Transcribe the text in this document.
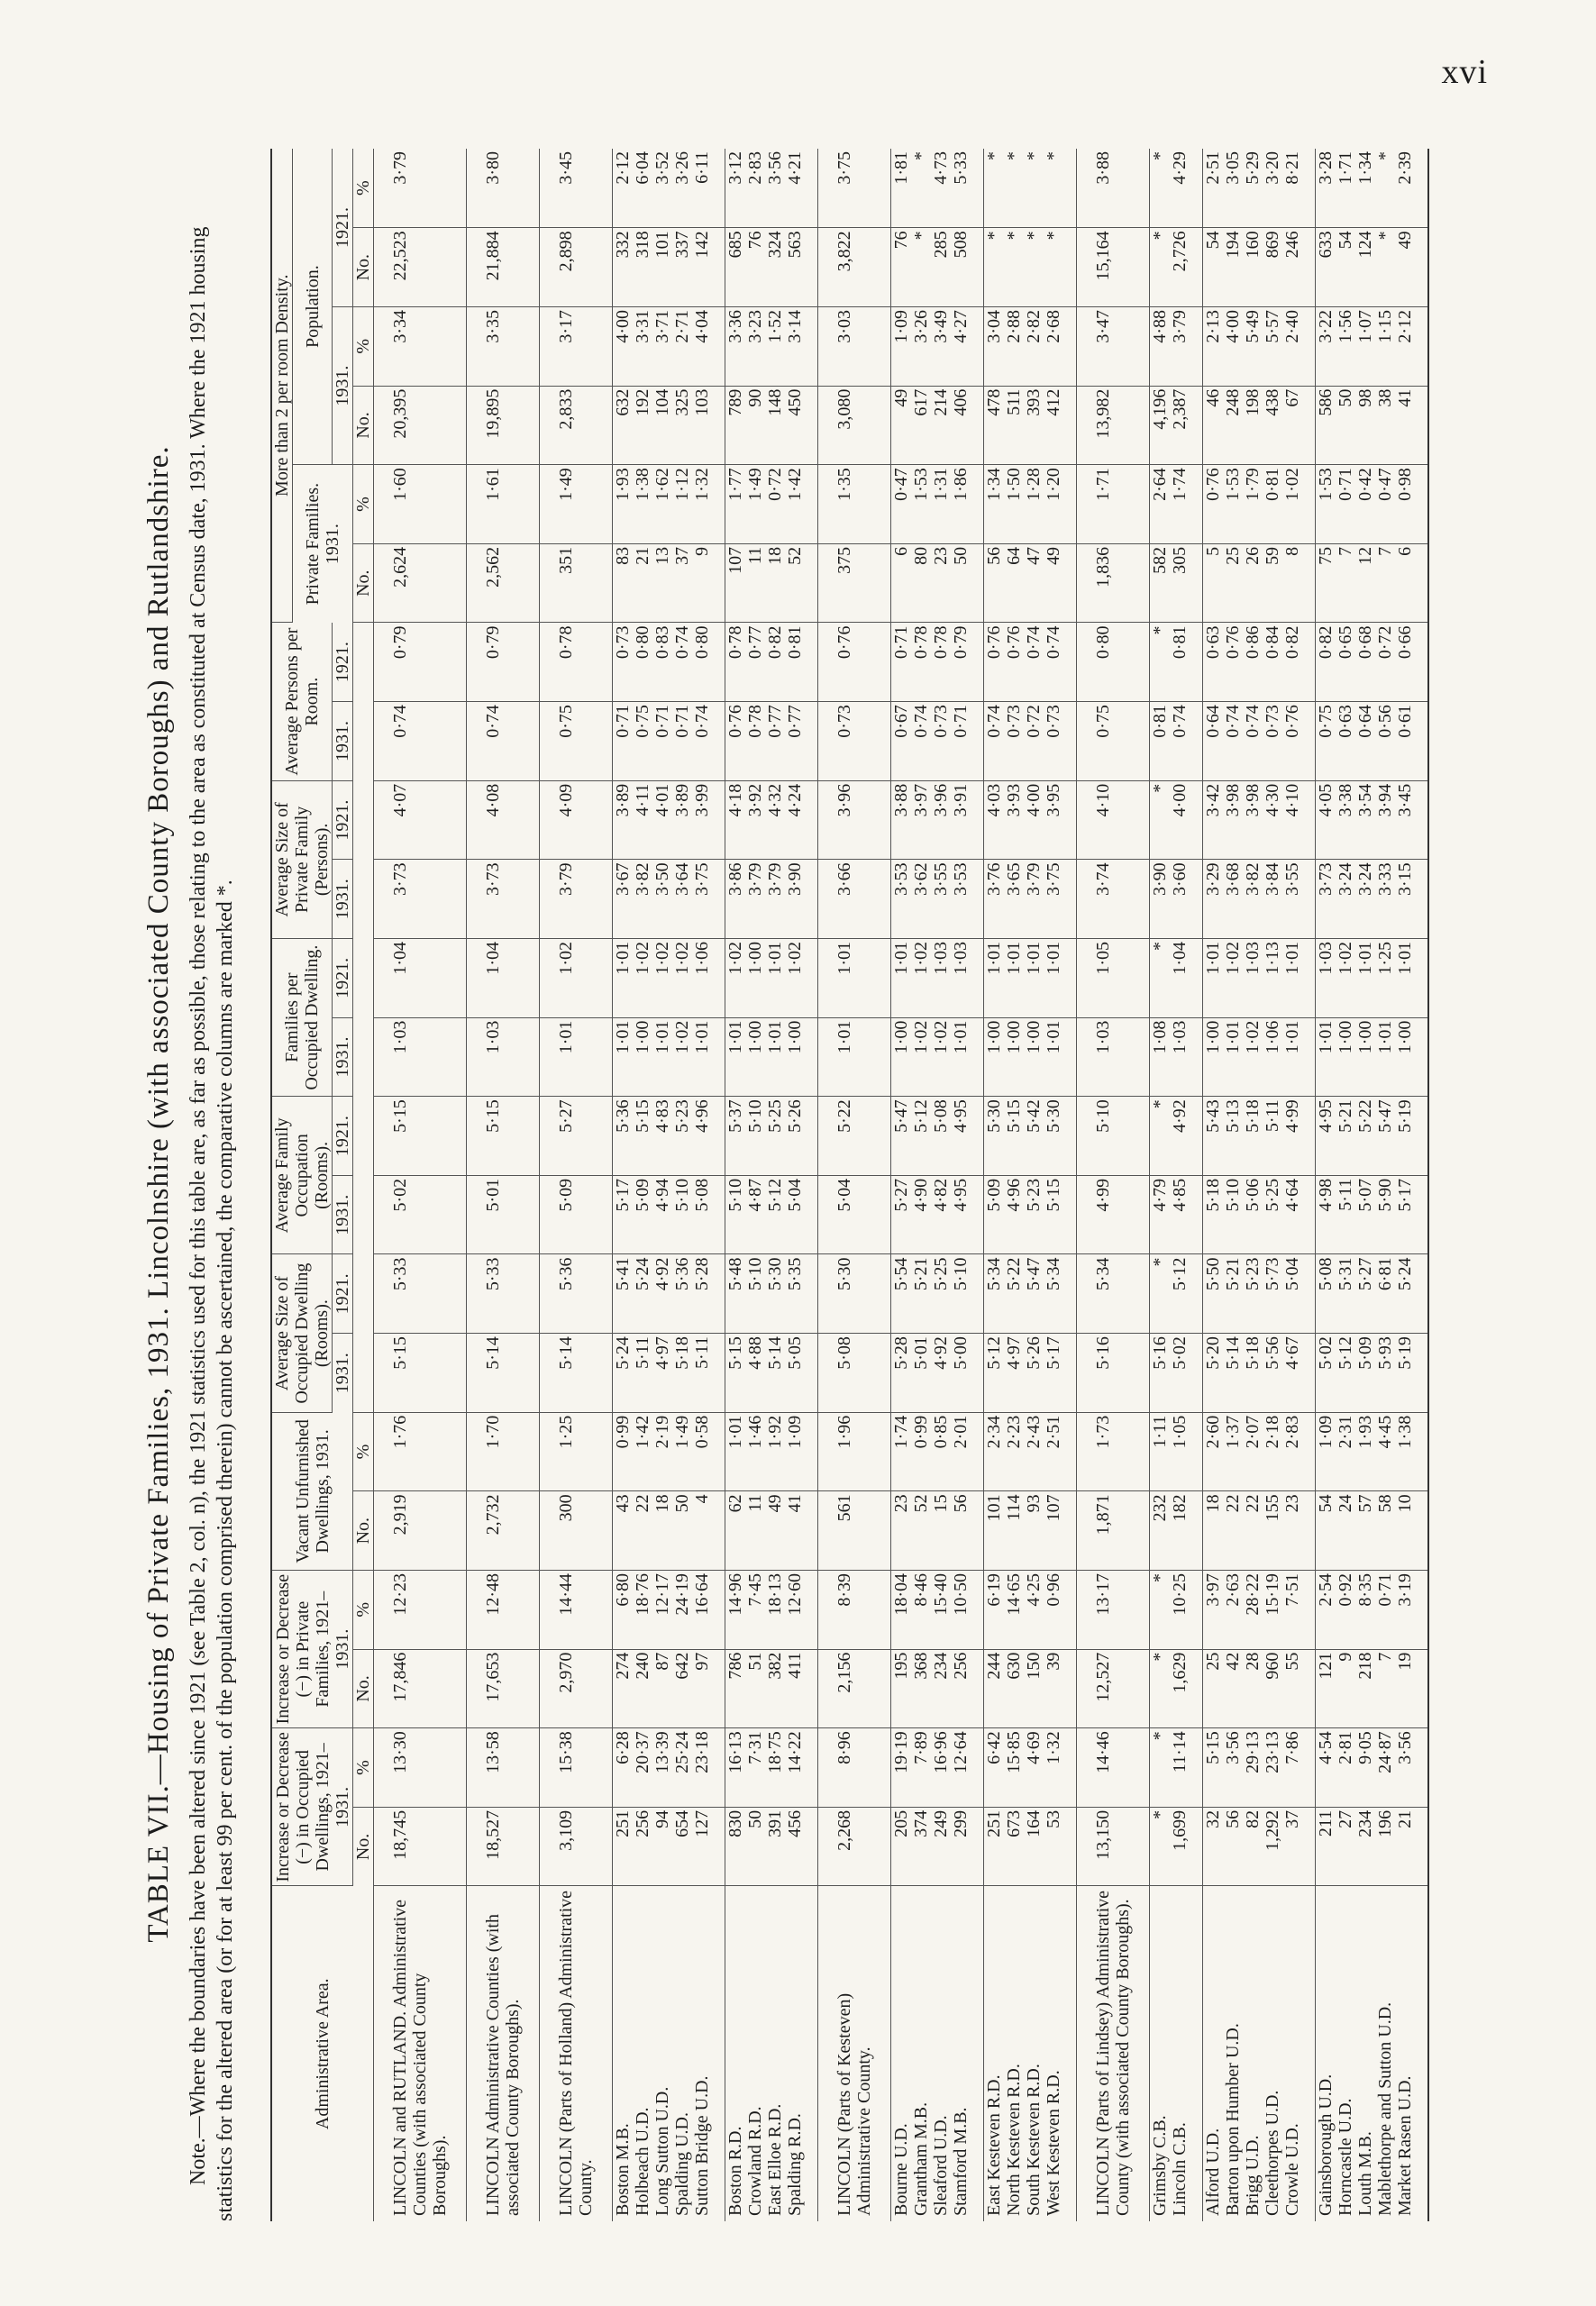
xvi
TABLE VII.—Housing of Private Families, 1931. Lincolnshire (with associated County Boroughs) and Rutlandshire. Note.—Where the boundaries have been altered since 1921 (see Table 2, col. n), the 1921 statistics used for this table are, as far as possible, those relating to the area as constituted at Census date, 1931. Where the 1921 housing statistics for the altered area (or for at least 99 per cent. of the population comprised therein) cannot be ascertained, the comparative columns are marked *.	Administrative Area.	Increase or Decrease (−) in Occupied Dwellings, 1921–1931.		Increase or Decrease (−) in Private Families, 1921–1931.		Vacant Unfurnished Dwellings, 1931.		Average Size of Occupied Dwelling (Rooms).		Average Family Occupation (Rooms).		Families per Occupied Dwelling.		Average Size of Private Family (Persons).		Average Persons per Room.		More than 2 per room Density.					
																	Private Families. 1931.		Population.			
							1931.	1921.	1931.	1921.	1931.	1921.	1931.	1921.	1931.	1921.			1931.		1921.	
	No.	%	No.	%	No.	%											No.	%	No.	%	No.	%
LINCOLN and RUTLAND. Administrative Counties (with associated County Boroughs).	18,745	13·30	17,846	12·23	2,919	1·76	5·15	5·33	5·02	5·15	1·03	1·04	3·73	4·07	0·74	0·79	2,624	1·60	20,395	3·34	22,523	3·79
LINCOLN Administrative Counties (with associated County Boroughs).	18,527	13·58	17,653	12·48	2,732	1·70	5·14	5·33	5·01	5·15	1·03	1·04	3·73	4·08	0·74	0·79	2,562	1·61	19,895	3·35	21,884	3·80
LINCOLN (Parts of Holland) Administrative County.	3,109	15·38	2,970	14·44	300	1·25	5·14	5·36	5·09	5·27	1·01	1·02	3·79	4·09	0·75	0·78	351	1·49	2,833	3·17	2,898	3·45
Boston M.B.	251	6·28	274	6·80	43	0·99	5·24	5·41	5·17	5·36	1·01	1·01	3·67	3·89	0·71	0·73	83	1·93	632	4·00	332	2·12
Holbeach U.D.	256	20·37	240	18·76	22	1·42	5·11	5·24	5·09	5·15	1·00	1·02	3·82	4·11	0·75	0·80	21	1·38	192	3·31	318	6·04
Long Sutton U.D.	94	13·39	87	12·17	18	2·19	4·97	4·92	4·94	4·83	1·01	1·02	3·50	4·01	0·71	0·83	13	1·62	104	3·71	101	3·52
Spalding U.D.	654	25·24	642	24·19	50	1·49	5·18	5·36	5·10	5·23	1·02	1·02	3·64	3·89	0·71	0·74	37	1·12	325	2·71	337	3·26
Sutton Bridge U.D.	127	23·18	97	16·64	4	0·58	5·11	5·28	5·08	4·96	1·01	1·06	3·75	3·99	0·74	0·80	9	1·32	103	4·04	142	6·11
Boston R.D.	830	16·13	786	14·96	62	1·01	5·15	5·48	5·10	5·37	1·01	1·02	3·86	4·18	0·76	0·78	107	1·77	789	3·36	685	3·12
Crowland R.D.	50	7·31	51	7·45	11	1·46	4·88	5·10	4·87	5·10	1·00	1·00	3·79	3·92	0·78	0·77	11	1·49	90	3·23	76	2·83
East Elloe R.D.	391	18·75	382	18·13	49	1·92	5·14	5·30	5·12	5·25	1·01	1·01	3·79	4·32	0·77	0·82	18	0·72	148	1·52	324	3·56
Spalding R.D.	456	14·22	411	12·60	41	1·09	5·05	5·35	5·04	5·26	1·00	1·02	3·90	4·24	0·77	0·81	52	1·42	450	3·14	563	4·21
LINCOLN (Parts of Kesteven) Administrative County.	2,268	8·96	2,156	8·39	561	1·96	5·08	5·30	5·04	5·22	1·01	1·01	3·66	3·96	0·73	0·76	375	1·35	3,080	3·03	3,822	3·75
Bourne U.D.	205	19·19	195	18·04	23	1·74	5·28	5·54	5·27	5·47	1·00	1·01	3·53	3·88	0·67	0·71	6	0·47	49	1·09	76	1·81
Grantham M.B.	374	7·89	368	8·46	52	0·99	5·01	5·21	4·90	5·12	1·02	1·02	3·62	3·97	0·74	0·78	80	1·53	617	3·26	*	*
Sleaford U.D.	249	16·96	234	15·40	15	0·85	4·92	5·25	4·82	5·08	1·02	1·03	3·55	3·96	0·73	0·78	23	1·31	214	3·49	285	4·73
Stamford M.B.	299	12·64	256	10·50	56	2·01	5·00	5·10	4·95	4·95	1·01	1·03	3·53	3·91	0·71	0·79	50	1·86	406	4·27	508	5·33
East Kesteven R.D.	251	6·42	244	6·19	101	2·34	5·12	5·34	5·09	5·30	1·00	1·01	3·76	4·03	0·74	0·76	56	1·34	478	3·04	*	*
North Kesteven R.D.	673	15·85	630	14·65	114	2·23	4·97	5·22	4·96	5·15	1·00	1·01	3·65	3·93	0·73	0·76	64	1·50	511	2·88	*	*
South Kesteven R.D.	164	4·69	150	4·25	93	2·43	5·26	5·47	5·23	5·42	1·00	1·01	3·79	4·00	0·72	0·74	47	1·28	393	2·82	*	*
West Kesteven R.D.	53	1·32	39	0·96	107	2·51	5·17	5·34	5·15	5·30	1·01	1·01	3·75	3·95	0·73	0·74	49	1·20	412	2·68	*	*
LINCOLN (Parts of Lindsey) Administrative County (with associated County Boroughs).	13,150	14·46	12,527	13·17	1,871	1·73	5·16	5·34	4·99	5·10	1·03	1·05	3·74	4·10	0·75	0·80	1,836	1·71	13,982	3·47	15,164	3·88
Grimsby C.B.	*	*	*	*	232	1·11	5·16	*	4·79	*	1·08	*	3·90	*	0·81	*	582	2·64	4,196	4·88	*	*
Lincoln C.B.	1,699	11·14	1,629	10·25	182	1·05	5·02	5·12	4·85	4·92	1·03	1·04	3·60	4·00	0·74	0·81	305	1·74	2,387	3·79	2,726	4·29
Alford U.D.	32	5·15	25	3·97	18	2·60	5·20	5·50	5·18	5·43	1·00	1·01	3·29	3·42	0·64	0·63	5	0·76	46	2·13	54	2·51
Barton upon Humber U.D.	56	3·56	42	2·63	22	1·37	5·14	5·21	5·10	5·13	1·01	1·02	3·68	3·98	0·74	0·76	25	1·53	248	4·00	194	3·05
Brigg U.D.	82	29·13	28	28·22	22	2·07	5·18	5·23	5·06	5·18	1·02	1·03	3·82	3·98	0·74	0·86	26	1·79	198	5·49	160	5·29
Cleethorpes U.D.	1,292	23·13	960	15·19	155	2·18	5·56	5·73	5·25	5·11	1·06	1·13	3·84	4·30	0·73	0·84	59	0·81	438	5·57	869	3·20
Crowle U.D.	37	7·86	55	7·51	23	2·83	4·67	5·04	4·64	4·99	1·01	1·01	3·55	4·10	0·76	0·82	8	1·02	67	2·40	246	8·21
Gainsborough U.D.	211	4·54	121	2·54	54	1·09	5·02	5·08	4·98	4·95	1·01	1·03	3·73	4·05	0·75	0·82	75	1·53	586	3·22	633	3·28
Horncastle U.D.	27	2·81	9	0·92	24	2·31	5·12	5·31	5·11	5·21	1·00	1·02	3·24	3·38	0·63	0·65	7	0·71	50	1·56	54	1·71
Louth M.B.	234	9·05	218	8·35	57	1·93	5·09	5·27	5·07	5·22	1·00	1·01	3·24	3·54	0·64	0·68	12	0·42	98	1·07	124	1·34
Mablethorpe and Sutton U.D.	196	24·87	7	0·71	58	4·45	5·93	6·81	5·90	5·47	1·01	1·25	3·33	3·94	0·56	0·72	7	0·47	38	1·15	*	*
Market Rasen U.D.	21	3·56	19	3·19	10	1·38	5·19	5·24	5·17	5·19	1·00	1·01	3·15	3·45	0·61	0·66	6	0·98	41	2·12	49	2·39
